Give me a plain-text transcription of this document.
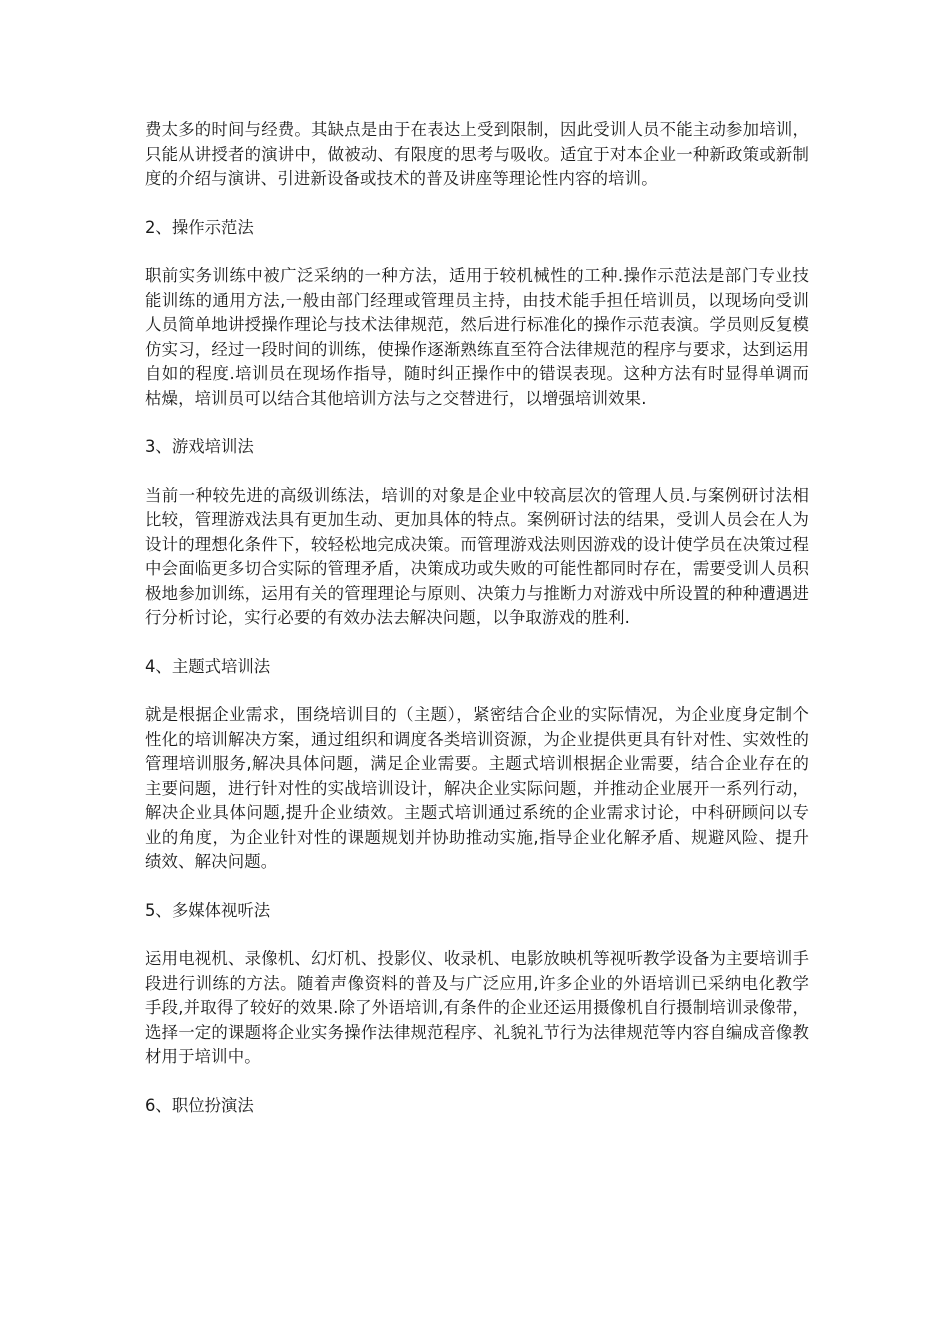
费太多的时间与经费。其缺点是由于在表达上受到限制，因此受训人员不能主动参加培训，只能从讲授者的演讲中，做被动、有限度的思考与吸收。适宜于对本企业一种新政策或新制度的介绍与演讲、引进新设备或技术的普及讲座等理论性内容的培训。

2、操作示范法

职前实务训练中被广泛采纳的一种方法，适用于较机械性的工种.操作示范法是部门专业技能训练的通用方法,一般由部门经理或管理员主持，由技术能手担任培训员，以现场向受训人员简单地讲授操作理论与技术法律规范，然后进行标准化的操作示范表演。学员则反复模仿实习，经过一段时间的训练，使操作逐渐熟练直至符合法律规范的程序与要求，达到运用自如的程度.培训员在现场作指导，随时纠正操作中的错误表现。这种方法有时显得单调而枯燥，培训员可以结合其他培训方法与之交替进行，以增强培训效果.

3、游戏培训法

当前一种较先进的高级训练法，培训的对象是企业中较高层次的管理人员.与案例研讨法相比较，管理游戏法具有更加生动、更加具体的特点。案例研讨法的结果，受训人员会在人为设计的理想化条件下，较轻松地完成决策。而管理游戏法则因游戏的设计使学员在决策过程中会面临更多切合实际的管理矛盾，决策成功或失败的可能性都同时存在，需要受训人员积极地参加训练，运用有关的管理理论与原则、决策力与推断力对游戏中所设置的种种遭遇进行分析讨论，实行必要的有效办法去解决问题，以争取游戏的胜利.

4、主题式培训法

就是根据企业需求，围绕培训目的（主题），紧密结合企业的实际情况，为企业度身定制个性化的培训解决方案，通过组织和调度各类培训资源，为企业提供更具有针对性、实效性的管理培训服务,解决具体问题，满足企业需要。主题式培训根据企业需要，结合企业存在的主要问题，进行针对性的实战培训设计，解决企业实际问题，并推动企业展开一系列行动，解决企业具体问题,提升企业绩效。主题式培训通过系统的企业需求讨论，中科研顾问以专业的角度，为企业针对性的课题规划并协助推动实施,指导企业化解矛盾、规避风险、提升绩效、解决问题。

5、多媒体视听法

运用电视机、录像机、幻灯机、投影仪、收录机、电影放映机等视听教学设备为主要培训手段进行训练的方法。随着声像资料的普及与广泛应用,许多企业的外语培训已采纳电化教学手段,并取得了较好的效果.除了外语培训,有条件的企业还运用摄像机自行摄制培训录像带，选择一定的课题将企业实务操作法律规范程序、礼貌礼节行为法律规范等内容自编成音像教材用于培训中。

6、职位扮演法
